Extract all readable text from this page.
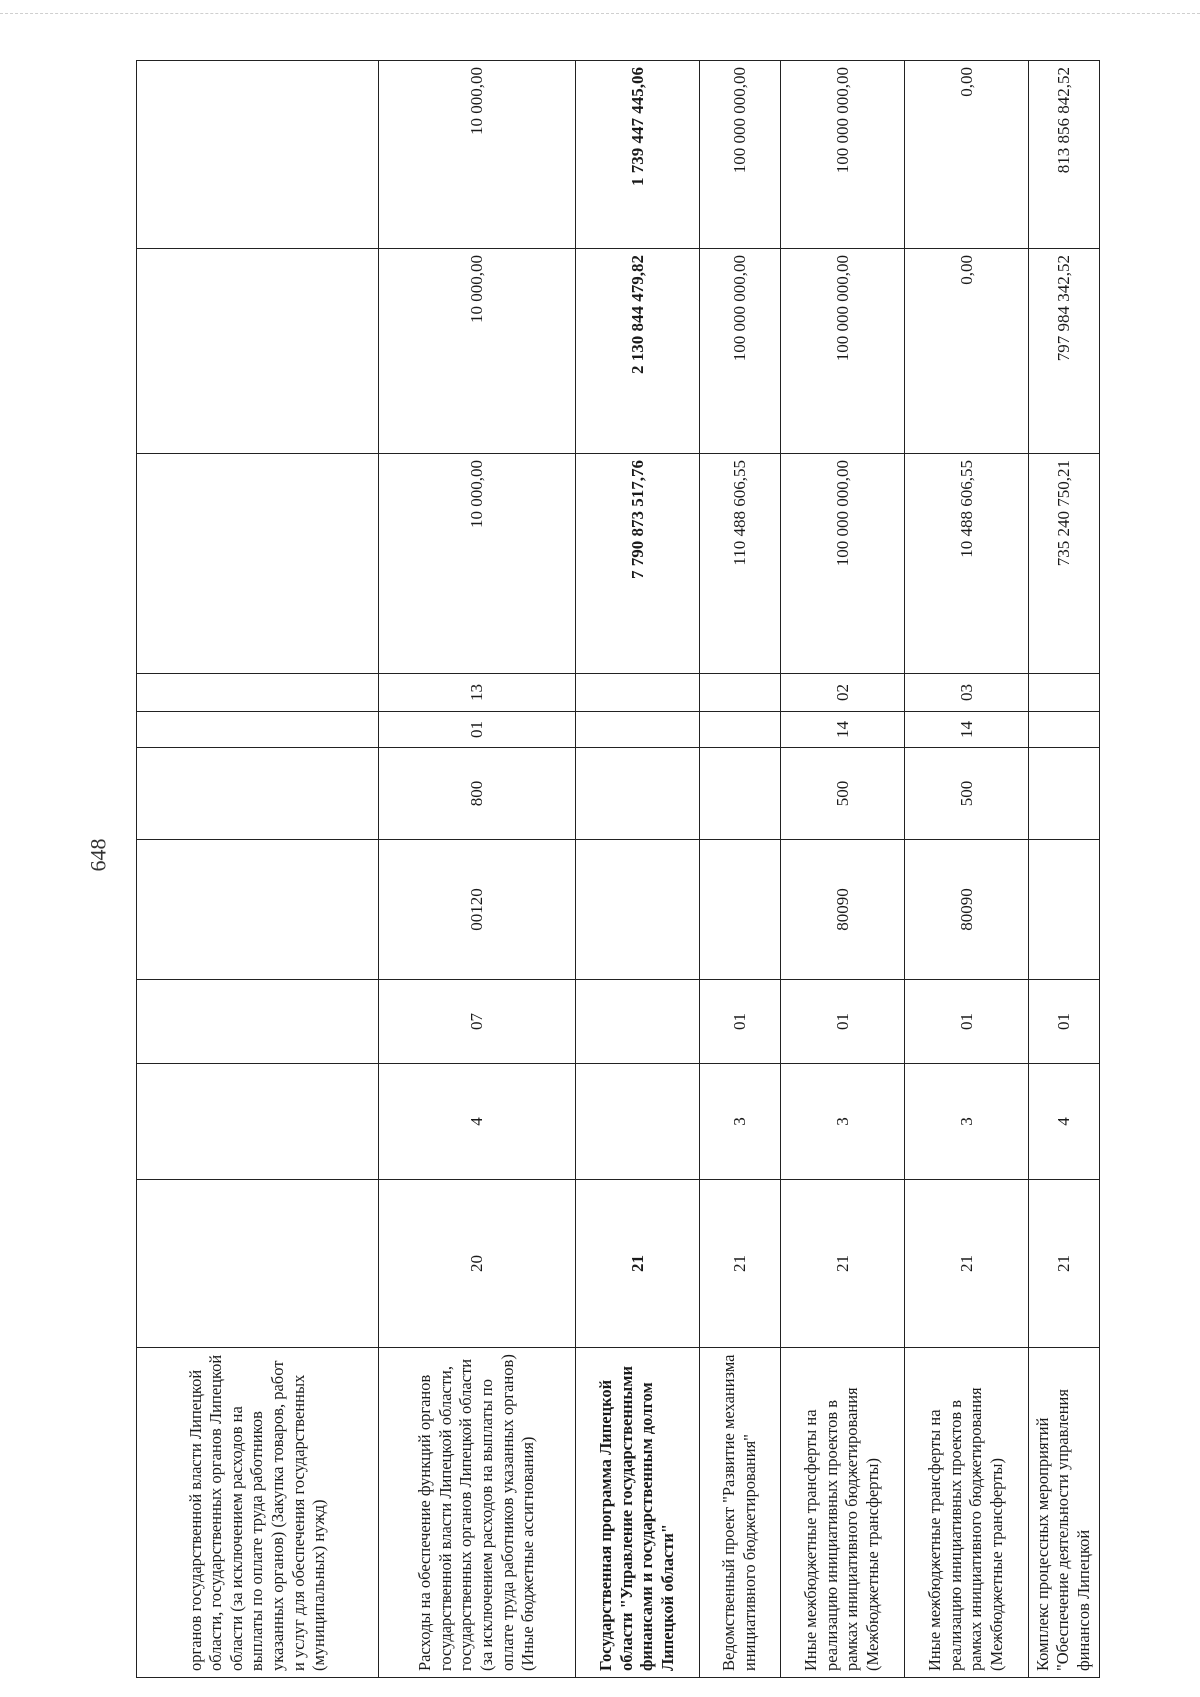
648
органов государственной власти Липецкой области, государственных органов Липецкой области (за исключением расходов на выплаты по оплате труда работников указанных органов) (Закупка товаров, работ и услуг для обеспечения государственных (муниципальных) нужд)										
Расходы на обеспечение функций органов государственной власти Липецкой области, государственных органов Липецкой области (за исключением расходов на выплаты по оплате труда работников указанных органов) (Иные бюджетные ассигнования)	20	4	07	00120	800	01	13	10 000,00	10 000,00	10 000,00
Государственная программа Липецкой области "Управление государственными финансами и государственным долгом Липецкой области"	21							7 790 873 517,76	2 130 844 479,82	1 739 447 445,06
Ведомственный проект "Развитие механизма инициативного бюджетирования"	21	3	01					110 488 606,55	100 000 000,00	100 000 000,00
Иные межбюджетные трансферты на реализацию инициативных проектов в рамках инициативного бюджетирования (Межбюджетные трансферты)	21	3	01	80090	500	14	02	100 000 000,00	100 000 000,00	100 000 000,00
Иные межбюджетные трансферты на реализацию инициативных проектов в рамках инициативного бюджетирования (Межбюджетные трансферты)	21	3	01	80090	500	14	03	10 488 606,55	0,00	0,00
Комплекс процессных мероприятий "Обеспечение деятельности управления финансов Липецкой	21	4	01					735 240 750,21	797 984 342,52	813 856 842,52
